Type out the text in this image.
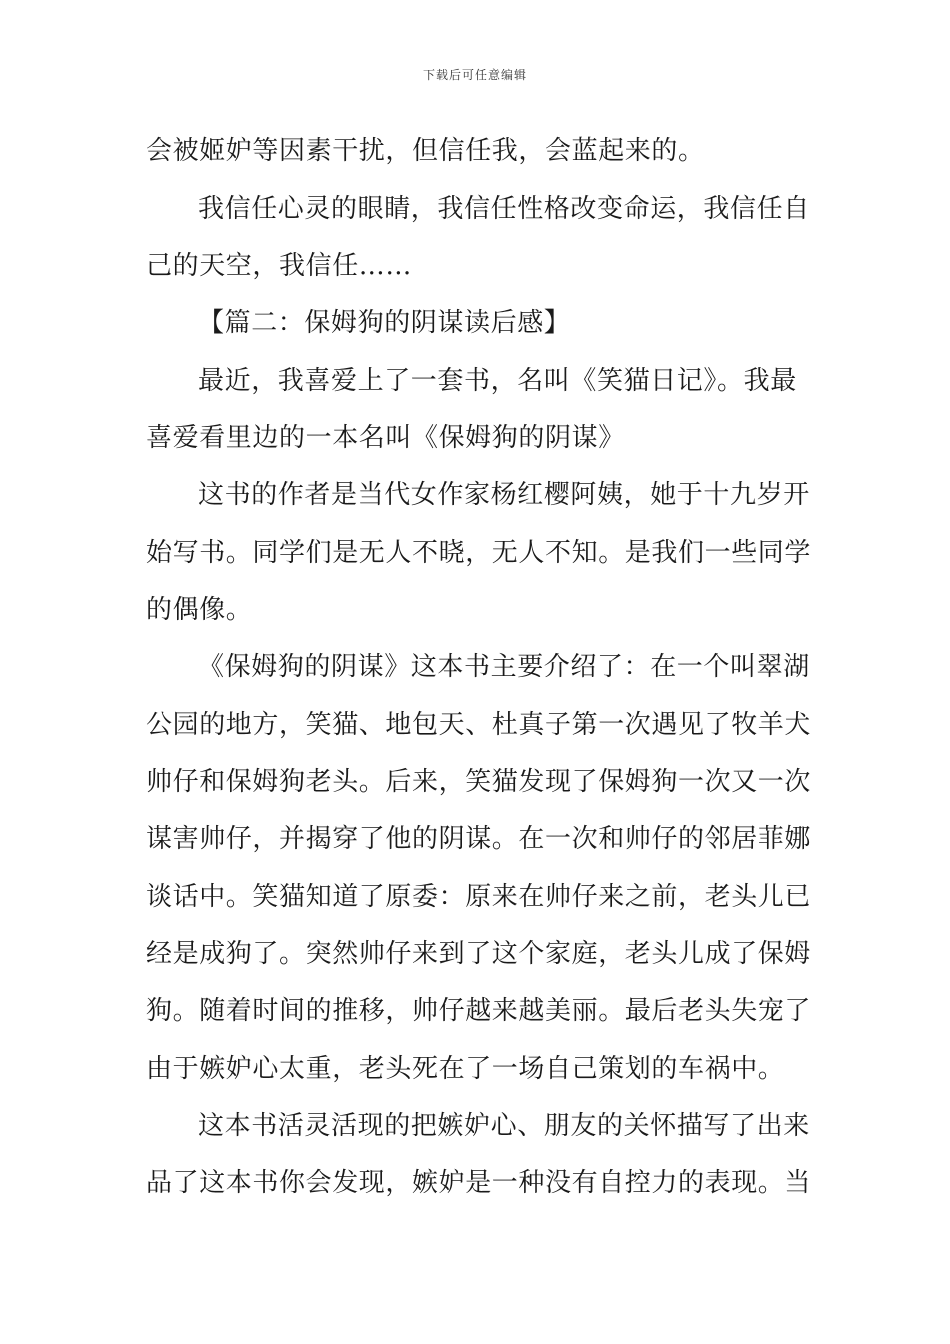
下载后可任意编辑
会被姬妒等因素干扰，但信任我，会蓝起来的。
我信任心灵的眼睛，我信任性格改变命运，我信任自
己的天空，我信任……
【篇二：保姆狗的阴谋读后感】
最近，我喜爱上了一套书，名叫《笑猫日记》。我最
喜爱看里边的一本名叫《保姆狗的阴谋》
这书的作者是当代女作家杨红樱阿姨，她于十九岁开
始写书。同学们是无人不晓，无人不知。是我们一些同学
的偶像。
《保姆狗的阴谋》这本书主要介绍了：在一个叫翠湖
公园的地方，笑猫、地包天、杜真子第一次遇见了牧羊犬
帅仔和保姆狗老头。后来，笑猫发现了保姆狗一次又一次
谋害帅仔，并揭穿了他的阴谋。在一次和帅仔的邻居菲娜
谈话中。笑猫知道了原委：原来在帅仔来之前，老头儿已
经是成狗了。突然帅仔来到了这个家庭，老头儿成了保姆
狗。随着时间的推移，帅仔越来越美丽。最后老头失宠了
由于嫉妒心太重，老头死在了一场自己策划的车祸中。
这本书活灵活现的把嫉妒心、朋友的关怀描写了出来
品了这本书你会发现，嫉妒是一种没有自控力的表现。当
